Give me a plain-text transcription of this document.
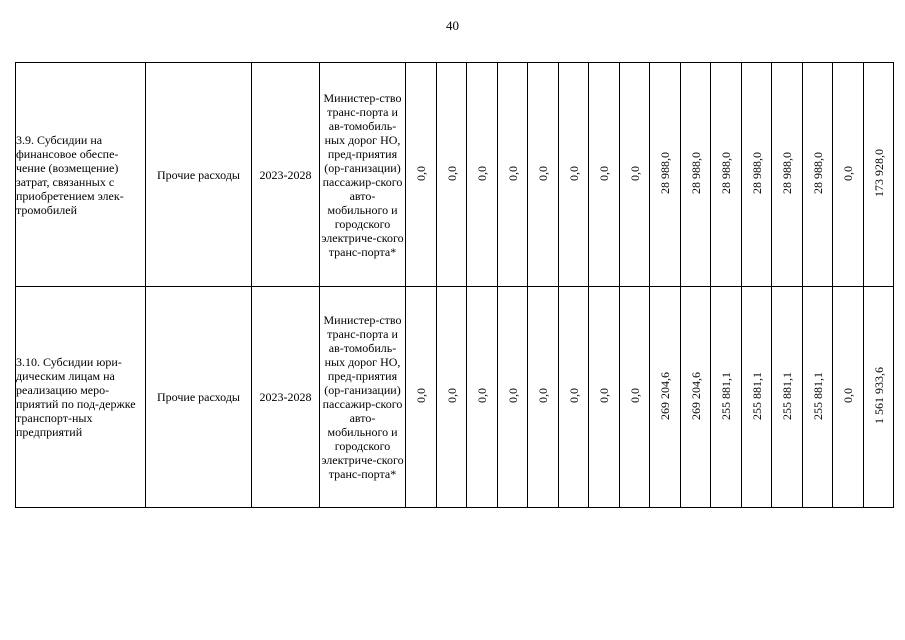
40
3.9. Субсидии на финансовое обеспе-чение (возмещение) затрат, связанных с приобретением элек-тромобилей	Прочие расходы	2023-2028	Министер-ство транс-порта и ав-томобиль-ных дорог НО, пред-приятия (ор-ганизации) пассажир-ского авто-мобильного и городского электриче-ского транс-порта*	0,0	0,0	0,0	0,0	0,0	0,0	0,0	0,0	28 988,0	28 988,0	28 988,0	28 988,0	28 988,0	28 988,0	0,0	173 928,0
3.10. Субсидии юри-дическим лицам на реализацию меро-приятий по под-держке транспорт-ных предприятий	Прочие расходы	2023-2028	Министер-ство транс-порта и ав-томобиль-ных дорог НО, пред-приятия (ор-ганизации) пассажир-ского авто-мобильного и городского электриче-ского транс-порта*	0,0	0,0	0,0	0,0	0,0	0,0	0,0	0,0	269 204,6	269 204,6	255 881,1	255 881,1	255 881,1	255 881,1	0,0	1 561 933,6
